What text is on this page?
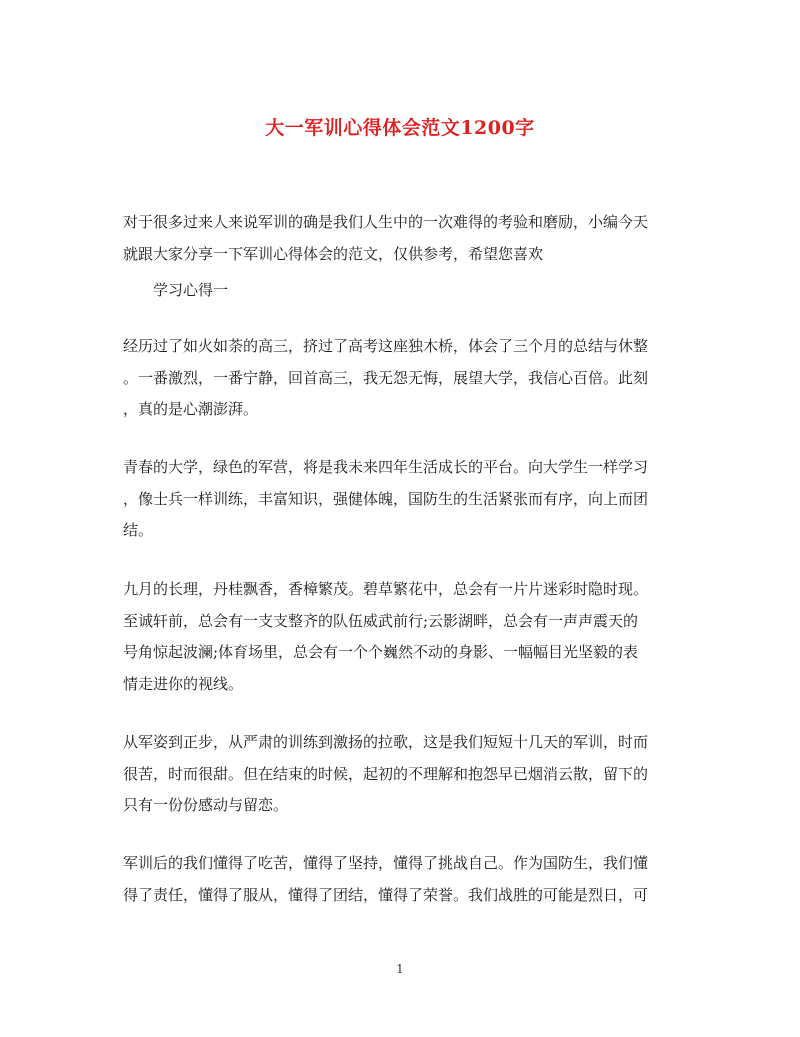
大一军训心得体会范文1200字

对于很多过来人来说军训的确是我们人生中的一次难得的考验和磨励，小编今天
就跟大家分享一下军训心得体会的范文，仅供参考，希望您喜欢

学习心得一

经历过了如火如荼的高三，挤过了高考这座独木桥，体会了三个月的总结与休整
。一番激烈，一番宁静，回首高三，我无怨无悔，展望大学，我信心百倍。此刻
，真的是心潮澎湃。

青春的大学，绿色的军营，将是我未来四年生活成长的平台。向大学生一样学习
，像士兵一样训练，丰富知识，强健体魄，国防生的生活紧张而有序，向上而团
结。

九月的长理，丹桂飘香，香樟繁茂。碧草繁花中，总会有一片片迷彩时隐时现。
至诚轩前，总会有一支支整齐的队伍威武前行;云影湖畔，总会有一声声震天的
号角惊起波澜;体育场里，总会有一个个巍然不动的身影、一幅幅目光坚毅的表
情走进你的视线。

从军姿到正步，从严肃的训练到激扬的拉歌，这是我们短短十几天的军训，时而
很苦，时而很甜。但在结束的时候，起初的不理解和抱怨早已烟消云散，留下的
只有一份份感动与留恋。

军训后的我们懂得了吃苦，懂得了坚持，懂得了挑战自己。作为国防生，我们懂
得了责任，懂得了服从，懂得了团结，懂得了荣誉。我们战胜的可能是烈日，可

1
